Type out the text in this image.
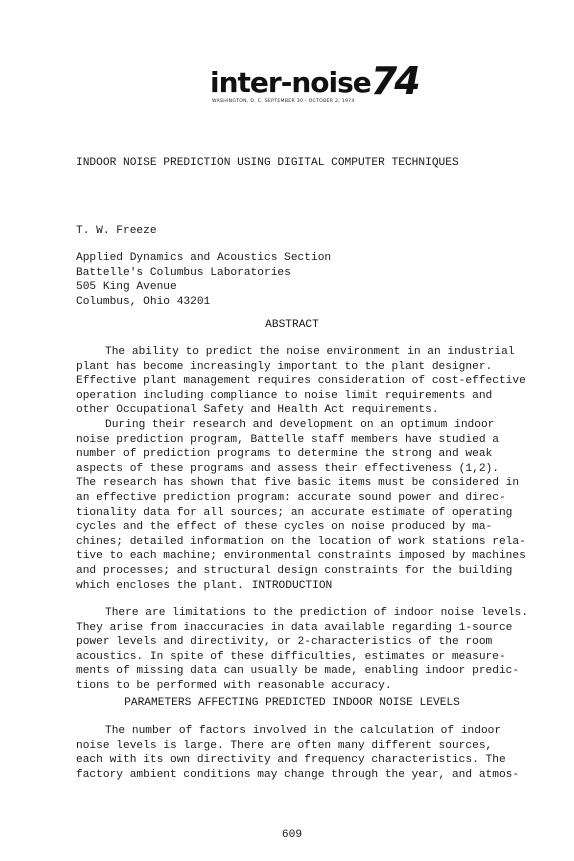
inter-noise74
WASHINGTON, D. C. SEPTEMBER 30 - OCTOBER 2, 1974
INDOOR NOISE PREDICTION USING DIGITAL COMPUTER TECHNIQUES
T. W. Freeze
Applied Dynamics and Acoustics Section
Battelle's Columbus Laboratories
505 King Avenue
Columbus, Ohio 43201
ABSTRACT
The ability to predict the noise environment in an industrial
plant has become increasingly important to the plant designer.
Effective plant management requires consideration of cost-effective
operation including compliance to noise limit requirements and
other Occupational Safety and Health Act requirements.
During their research and development on an optimum indoor
noise prediction program, Battelle staff members have studied a
number of prediction programs to determine the strong and weak
aspects of these programs and assess their effectiveness (1,2).
The research has shown that five basic items must be considered in
an effective prediction program: accurate sound power and direc-
tionality data for all sources; an accurate estimate of operating
cycles and the effect of these cycles on noise produced by ma-
chines; detailed information on the location of work stations rela-
tive to each machine; environmental constraints imposed by machines
and processes; and structural design constraints for the building
which encloses the plant. INTRODUCTION
There are limitations to the prediction of indoor noise levels.
They arise from inaccuracies in data available regarding 1-source
power levels and directivity, or 2-characteristics of the room
acoustics. In spite of these difficulties, estimates or measure-
ments of missing data can usually be made, enabling indoor predic-
tions to be performed with reasonable accuracy.
PARAMETERS AFFECTING PREDICTED INDOOR NOISE LEVELS
The number of factors involved in the calculation of indoor
noise levels is large. There are often many different sources,
each with its own directivity and frequency characteristics. The
factory ambient conditions may change through the year, and atmos-
609
